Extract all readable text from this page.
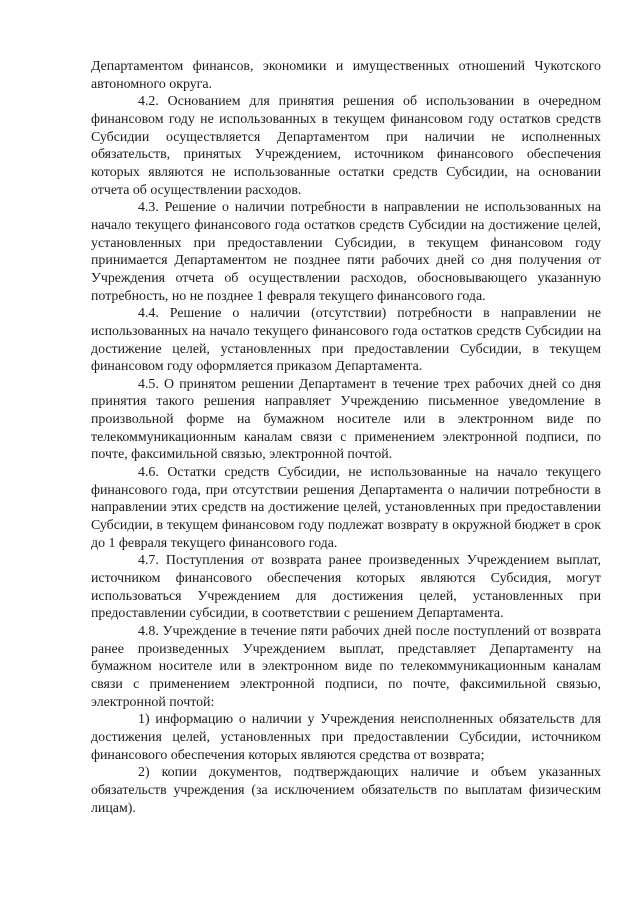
Департаментом финансов, экономики и имущественных отношений Чукотского автономного округа.

4.2. Основанием для принятия решения об использовании в очередном финансовом году не использованных в текущем финансовом году остатков средств Субсидии осуществляется Департаментом при наличии не исполненных обязательств, принятых Учреждением, источником финансового обеспечения которых являются не использованные остатки средств Субсидии, на основании отчета об осуществлении расходов.

4.3. Решение о наличии потребности в направлении не использованных на начало текущего финансового года остатков средств Субсидии на достижение целей, установленных при предоставлении Субсидии, в текущем финансовом году принимается Департаментом не позднее пяти рабочих дней со дня получения от Учреждения отчета об осуществлении расходов, обосновывающего указанную потребность, но не позднее 1 февраля текущего финансового года.

4.4. Решение о наличии (отсутствии) потребности в направлении не использованных на начало текущего финансового года остатков средств Субсидии на достижение целей, установленных при предоставлении Субсидии, в текущем финансовом году оформляется приказом Департамента.

4.5. О принятом решении Департамент в течение трех рабочих дней со дня принятия такого решения направляет Учреждению письменное уведомление в произвольной форме на бумажном носителе или в электронном виде по телекоммуникационным каналам связи с применением электронной подписи, по почте, факсимильной связью, электронной почтой.

4.6. Остатки средств Субсидии, не использованные на начало текущего финансового года, при отсутствии решения Департамента о наличии потребности в направлении этих средств на достижение целей, установленных при предоставлении Субсидии, в текущем финансовом году подлежат возврату в окружной бюджет в срок до 1 февраля текущего финансового года.

4.7. Поступления от возврата ранее произведенных Учреждением выплат, источником финансового обеспечения которых являются Субсидия, могут использоваться Учреждением для достижения целей, установленных при предоставлении субсидии, в соответствии с решением Департамента.

4.8. Учреждение в течение пяти рабочих дней после поступлений от возврата ранее произведенных Учреждением выплат, представляет Департаменту на бумажном носителе или в электронном виде по телекоммуникационным каналам связи с применением электронной подписи, по почте, факсимильной связью, электронной почтой:

1) информацию о наличии у Учреждения неисполненных обязательств для достижения целей, установленных при предоставлении Субсидии, источником финансового обеспечения которых являются средства от возврата;

2) копии документов, подтверждающих наличие и объем указанных обязательств учреждения (за исключением обязательств по выплатам физическим лицам).
